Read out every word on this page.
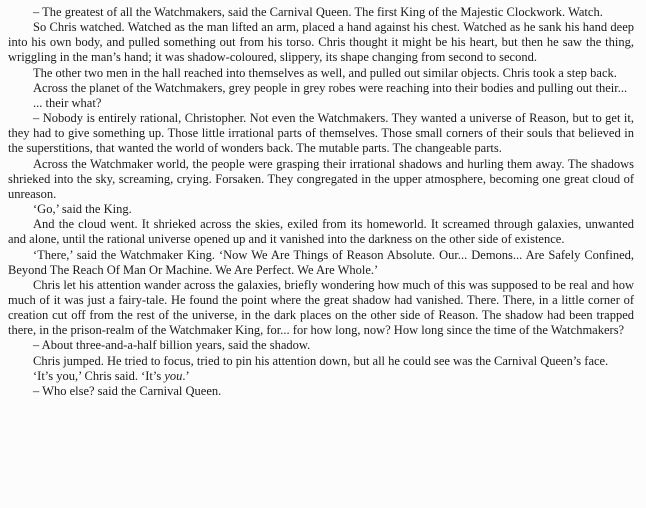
– The greatest of all the Watchmakers, said the Carnival Queen. The first King of the Majestic Clockwork. Watch.

So Chris watched. Watched as the man lifted an arm, placed a hand against his chest. Watched as he sank his hand deep into his own body, and pulled something out from his torso. Chris thought it might be his heart, but then he saw the thing, wriggling in the man’s hand; it was shadow-coloured, slippery, its shape changing from second to second.

The other two men in the hall reached into themselves as well, and pulled out similar objects. Chris took a step back.

Across the planet of the Watchmakers, grey people in grey robes were reaching into their bodies and pulling out their...

... their what?

– Nobody is entirely rational, Christopher. Not even the Watchmakers. They wanted a universe of Reason, but to get it, they had to give something up. Those little irrational parts of themselves. Those small corners of their souls that believed in the superstitions, that wanted the world of wonders back. The mutable parts. The changeable parts.

Across the Watchmaker world, the people were grasping their irrational shadows and hurling them away. The shadows shrieked into the sky, screaming, crying. Forsaken. They congregated in the upper atmosphere, becoming one great cloud of unreason.

‘Go,’ said the King.

And the cloud went. It shrieked across the skies, exiled from its homeworld. It screamed through galaxies, unwanted and alone, until the rational universe opened up and it vanished into the darkness on the other side of existence.

‘There,’ said the Watchmaker King. ‘Now We Are Things of Reason Absolute. Our... Demons... Are Safely Confined, Beyond The Reach Of Man Or Machine. We Are Perfect. We Are Whole.’

Chris let his attention wander across the galaxies, briefly wondering how much of this was supposed to be real and how much of it was just a fairy-tale. He found the point where the great shadow had vanished. There. There, in a little corner of creation cut off from the rest of the universe, in the dark places on the other side of Reason. The shadow had been trapped there, in the prison-realm of the Watchmaker King, for... for how long, now? How long since the time of the Watchmakers?

– About three-and-a-half billion years, said the shadow.

Chris jumped. He tried to focus, tried to pin his attention down, but all he could see was the Carnival Queen’s face.

‘It’s you,’ Chris said. ‘It’s you.’

– Who else? said the Carnival Queen.
